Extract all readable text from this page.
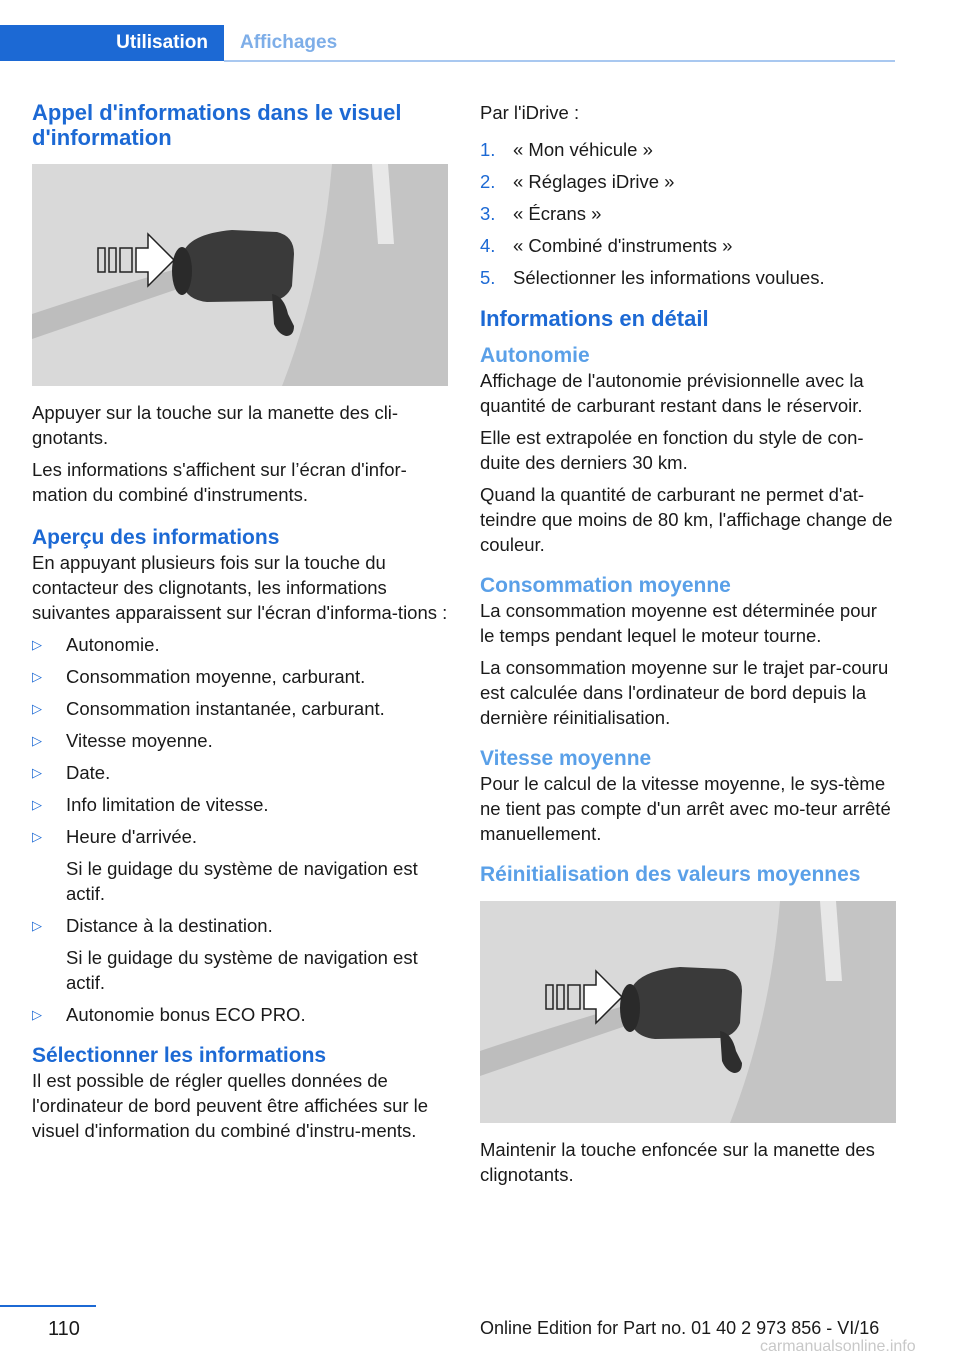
Utilisation	Affichages
Appel d'informations dans le visuel d'information

Appuyer sur la touche sur la manette des cli-gnotants.

Les informations s'affichent sur l’écran d'infor-mation du combiné d'instruments.

Aperçu des informations

En appuyant plusieurs fois sur la touche du contacteur des clignotants, les informations suivantes apparaissent sur l'écran d'informa-tions :

▷ Autonomie.
▷ Consommation moyenne, carburant.
▷ Consommation instantanée, carburant.
▷ Vitesse moyenne.
▷ Date.
▷ Info limitation de vitesse.
▷ Heure d'arrivée.
Si le guidage du système de navigation est actif.
▷ Distance à la destination.
Si le guidage du système de navigation est actif.
▷ Autonomie bonus ECO PRO.
Sélectionner les informations

Il est possible de régler quelles données de l'ordinateur de bord peuvent être affichées sur le visuel d'information du combiné d'instru-ments.

Par l'iDrive :

1. « Mon véhicule »
2. « Réglages iDrive »
3. « Écrans »
4. « Combiné d'instruments »
5. Sélectionner les informations voulues.
Informations en détail
Autonomie

Affichage de l'autonomie prévisionnelle avec la quantité de carburant restant dans le réservoir.

Elle est extrapolée en fonction du style de con-duite des derniers 30 km.

Quand la quantité de carburant ne permet d'at-teindre que moins de 80 km, l'affichage change de couleur.

Consommation moyenne

La consommation moyenne est déterminée pour le temps pendant lequel le moteur tourne.

La consommation moyenne sur le trajet par-couru est calculée dans l'ordinateur de bord depuis la dernière réinitialisation.

Vitesse moyenne

Pour le calcul de la vitesse moyenne, le sys-tème ne tient pas compte d'un arrêt avec mo-teur arrêté manuellement.

Réinitialisation des valeurs moyennes

Maintenir la touche enfoncée sur la manette des clignotants.

110	Online Edition for Part no. 01 40 2 973 856 - VI/16
carmanualsonline.info
